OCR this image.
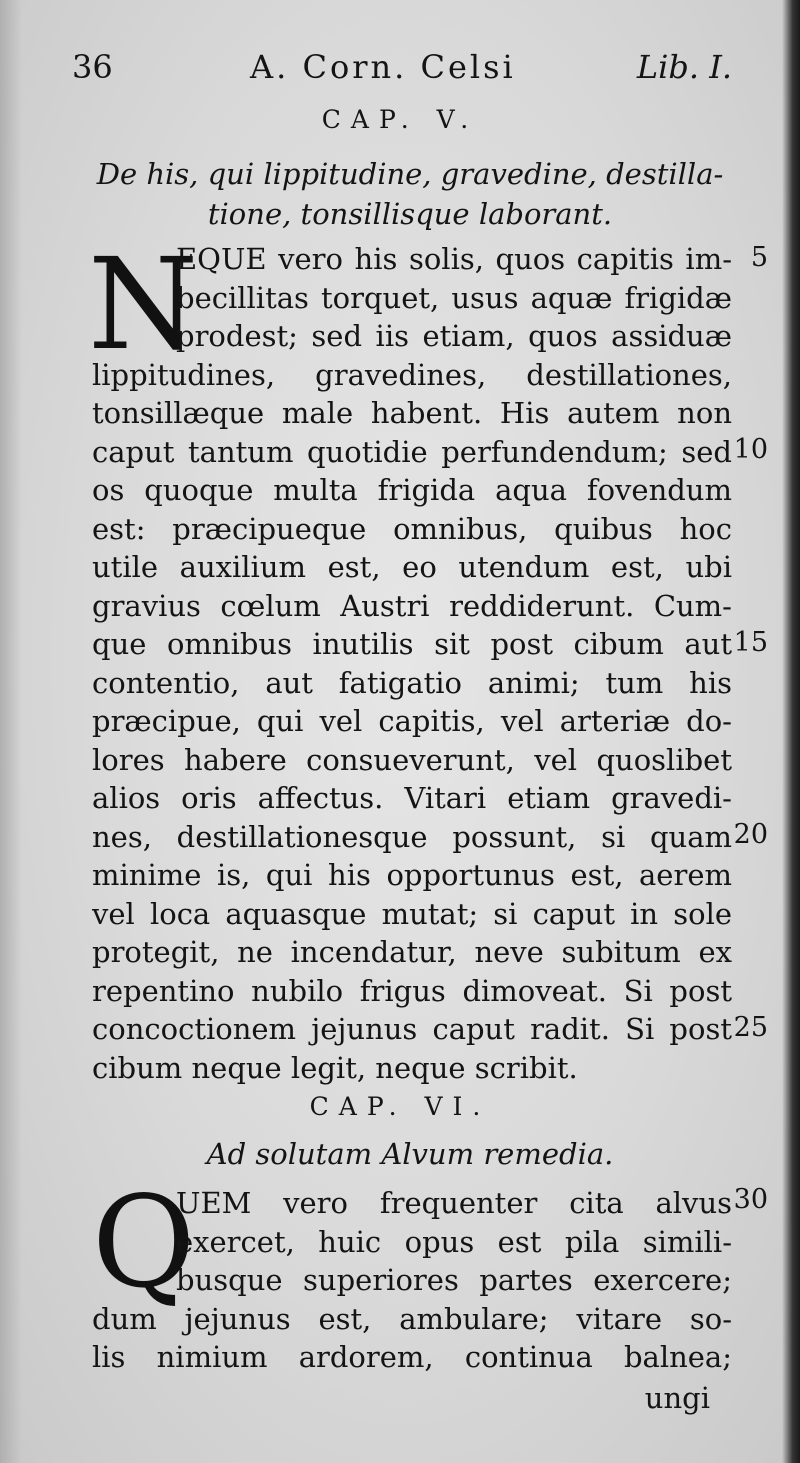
36	A. Corn. Celsi	Lib. I.
CAP. V.
De his, qui lippitudine, gravedine, destilla-
tione, tonsillisque laborant.
N
EQUE vero his solis, quos capitis im-
becillitas torquet, usus aquæ frigidæ
prodest; sed iis etiam, quos assiduæ
lippitudines, gravedines, destillationes,
tonsillæque male habent. His autem non
caput tantum quotidie perfundendum; sed
os quoque multa frigida aqua fovendum
est: præcipueque omnibus, quibus hoc
utile auxilium est, eo utendum est, ubi
gravius cœlum Austri reddiderunt. Cum-
que omnibus inutilis sit post cibum aut
contentio, aut fatigatio animi; tum his
præcipue, qui vel capitis, vel arteriæ do-
lores habere consueverunt, vel quoslibet
alios oris affectus. Vitari etiam gravedi-
nes, destillationesque possunt, si quam
minime is, qui his opportunus est, aerem
vel loca aquasque mutat; si caput in sole
protegit, ne incendatur, neve subitum ex
repentino nubilo frigus dimoveat. Si post
concoctionem jejunus caput radit. Si post
cibum neque legit, neque scribit.
CAP. VI.
Ad solutam Alvum remedia.
Q
UEM vero frequenter cita alvus
exercet, huic opus est pila simili-
busque superiores partes exercere;
dum jejunus est, ambulare; vitare so-
lis nimium ardorem, continua balnea;
ungi
5
10
15
20
25
30
